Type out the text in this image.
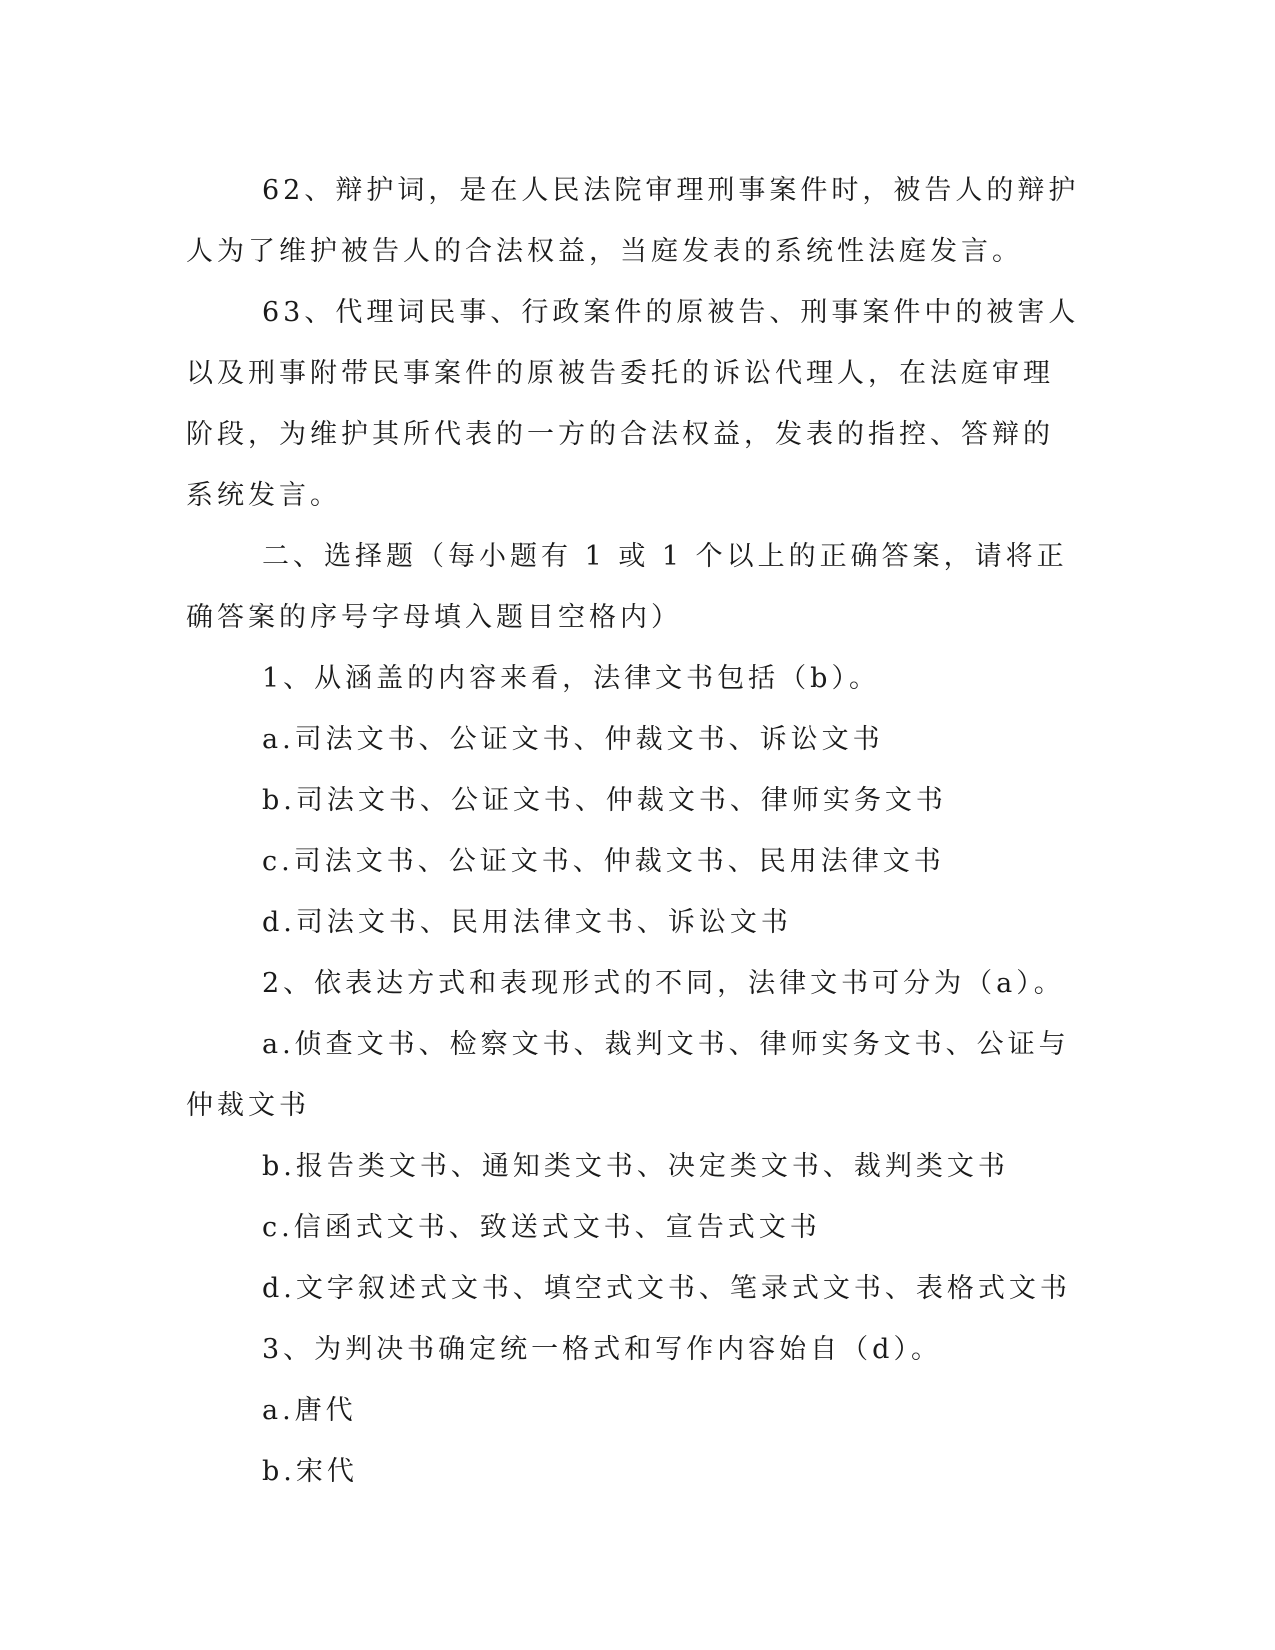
62、辩护词，是在人民法院审理刑事案件时，被告人的辩护人为了维护被告人的合法权益，当庭发表的系统性法庭发言。

63、代理词民事、行政案件的原被告、刑事案件中的被害人以及刑事附带民事案件的原被告委托的诉讼代理人，在法庭审理阶段，为维护其所代表的一方的合法权益，发表的指控、答辩的系统发言。

二、选择题（每小题有 1 或 1 个以上的正确答案，请将正确答案的序号字母填入题目空格内）

1、从涵盖的内容来看，法律文书包括（b）。

a.司法文书、公证文书、仲裁文书、诉讼文书

b.司法文书、公证文书、仲裁文书、律师实务文书

c.司法文书、公证文书、仲裁文书、民用法律文书

d.司法文书、民用法律文书、诉讼文书

2、依表达方式和表现形式的不同，法律文书可分为（a）。

a.侦查文书、检察文书、裁判文书、律师实务文书、公证与仲裁文书

b.报告类文书、通知类文书、决定类文书、裁判类文书

c.信函式文书、致送式文书、宣告式文书

d.文字叙述式文书、填空式文书、笔录式文书、表格式文书

3、为判决书确定统一格式和写作内容始自（d）。

a.唐代

b.宋代
